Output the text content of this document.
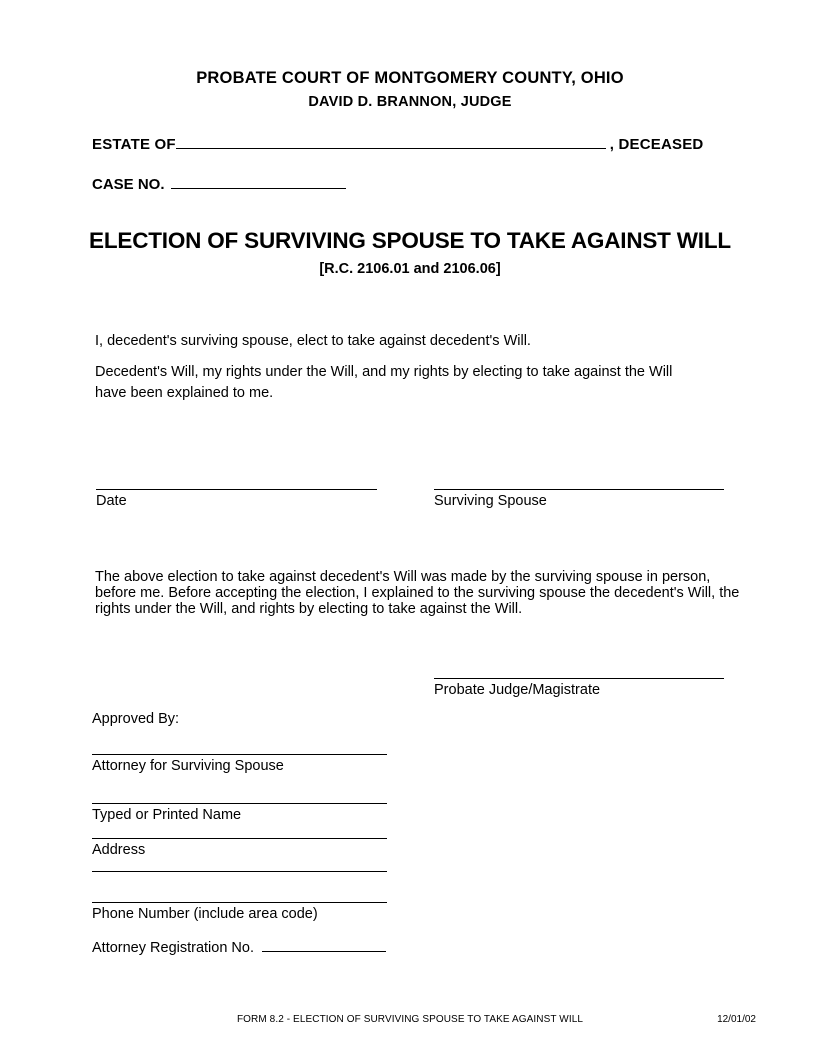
PROBATE COURT OF MONTGOMERY COUNTY, OHIO
DAVID D. BRANNON, JUDGE
ESTATE OF	, DECEASED
CASE NO.
ELECTION OF SURVIVING SPOUSE TO TAKE AGAINST WILL
[R.C. 2106.01 and 2106.06]
I, decedent's surviving spouse, elect to take against decedent's Will.
Decedent's Will, my rights under the Will, and my rights by electing to take against the Will have been explained to me.
Date	Surviving Spouse
The above election to take against decedent's Will was made by the surviving spouse in person, before me. Before accepting the election, I explained to the surviving spouse the decedent's Will, the rights under the Will, and rights by electing to take against the Will.
Probate Judge/Magistrate
Approved By:
Attorney for Surviving Spouse
Typed or Printed Name
Address
Phone Number (include area code)
Attorney Registration No.
FORM 8.2 - ELECTION OF SURVIVING SPOUSE TO TAKE AGAINST WILL	12/01/02
